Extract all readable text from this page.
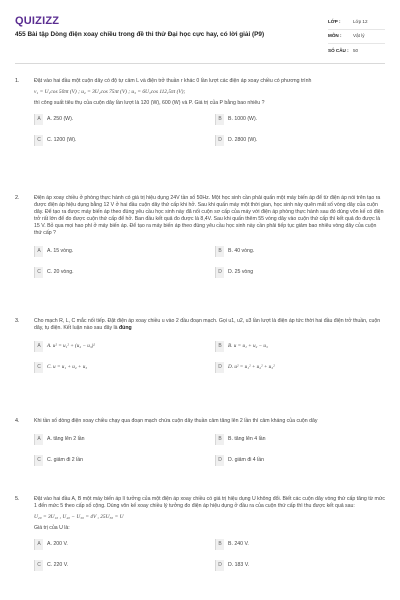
QUIZIZZ
455 Bài tập Dòng điện xoay chiều trong đề thi thử Đại học cực hay, có lời giải (P9)
LỚP :	Lớp 12
MÔN :	Vật lý
SỐ CÂU : 50
1.	Đặt vào hai đầu một cuộn dây có độ tự cảm L và điện trở thuần r khác 0 lần lượt các điện áp xoay chiều có phương trình
v₁ = U₁cos 50πt (V) ; u₂ = 3U₂cos 75πt (V) ; u₃ = 6U₃cos 112,5πt (V);
thì công suất tiêu thụ của cuộn dây lần lượt là 120 (W), 600 (W) và P. Giá trị của P bằng bao nhiêu ?
A	A. 250 (W).	B	B. 1000 (W).
C	C. 1200 (W).	D	D. 2800 (W).
2.	Điện áp xoay chiều ở phòng thực hành có giá trị hiệu dụng 24V tần số 50Hz. Một học sinh cần phải quấn một máy biến áp để từ điện áp nói trên tạo ra được điện áp hiệu dụng bằng 12 V ở hai đầu cuộn dây thứ cấp khi hở. Sau khi quấn máy một thời gian, học sinh này quên mất số vòng dây của cuộn dây. Để tạo ra được máy biến áp theo đúng yêu cầu học sinh này đã nối cuộn sơ cấp của máy với điện áp phòng thực hành sau đó dùng vôn kế có điện trở rất lớn để đo được cuộn thứ cấp để hở. Ban đầu kết quả đo được là 8,4V. Sau khi quấn thêm 55 vòng dây vào cuộn thứ cấp thì kết quả đo được là 15 V. Bỏ qua mọi hao phí ở máy biến áp. Để tạo ra máy biến áp theo đúng yêu cầu học sinh này cần phải tiếp tục giảm bao nhiêu vòng dây của cuộn thứ cấp ?
A	A. 15 vòng.	B	B. 40 vòng.
C	C. 20 vòng.	D	D. 25 vòng
3.	Cho mạch R, L, C mắc nối tiếp. Đặt điện áp xoay chiều u vào 2 đầu đoạn mạch. Gọi u1, u2, u3 lần lượt là điện áp tức thời hai đầu điện trở thuần, cuộn dây, tụ điện. Kết luận nào sau đây là đúng
A	A. u² = u₁² + (u₂ − u₃)²	B	B. u = u₁ + u₂ − u₃
C	C. u = u₁ + u₂ + u₃	D	D. u² = u₁² + u₂² + u₃²
4.	Khi tần số dòng điện xoay chiều chạy qua đoạn mạch chứa cuộn dây thuần cảm tăng lên 2 lần thì cảm kháng của cuộn dây
A	A. tăng lên 2 lần	B	B. tăng lên 4 lần
C	C. giảm đi 2 lần	D	D. giảm đi 4 lần
5.	Đặt vào hai đầu A, B một máy biến áp lí tưởng của một điện áp xoay chiều có giá trị hiệu dụng U không đổi. Biết các cuộn dây vòng thứ cấp tăng từ mức 1 đến mức 5 theo cấp số cộng. Dùng vôn kế xoay chiều lý tưởng đo điện áp hiệu dụng ở đầu ra của cuộn thứ cấp thì thu được kết quả sau:
U₂₀ = 3U₁₀ , U₄₀ − U₃₀ = 4V , 25U₅₀ = U
Giá trị của U là:
A	A. 200 V.	B	B. 240 V.
C	C. 220 V.	D	D. 183 V.
